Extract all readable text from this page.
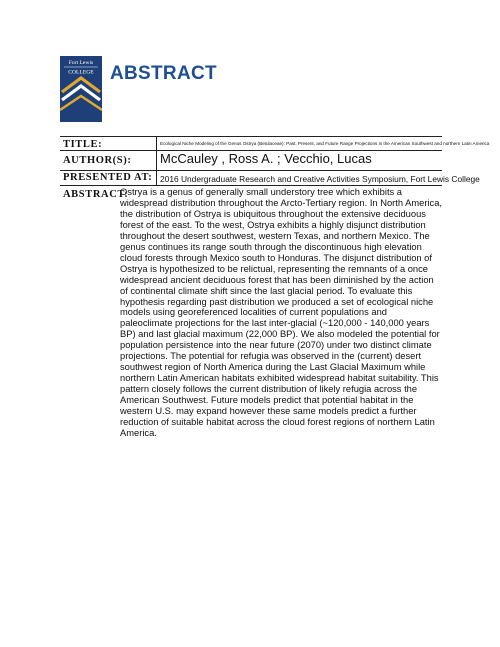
Fort Lewis
COLLEGE ABSTRACT
TITLE:	Ecological Niche Modeling of the Genus Ostrya (Betulaceae): Past, Present, and Future Range Projections in the American Southwest and northern Latin America
AUTHOR(S): McCauley , Ross A. ; Vecchio, Lucas
PRESENTED AT: 2016 Undergraduate Research and Creative Activities Symposium, Fort Lewis College
ABSTRACT:
Ostrya is a genus of generally small understory tree which exhibits a widespread distribution throughout the Arcto-Tertiary region. In North America, the distribution of Ostrya is ubiquitous throughout the extensive deciduous forest of the east. To the west, Ostrya exhibits a highly disjunct distribution throughout the desert southwest, western Texas, and northern Mexico. The genus continues its range south through the discontinuous high elevation cloud forests through Mexico south to Honduras. The disjunct distribution of Ostrya is hypothesized to be relictual, representing the remnants of a once widespread ancient deciduous forest that has been diminished by the action of continental climate shift since the last glacial period. To evaluate this hypothesis regarding past distribution we produced a set of ecological niche models using georeferenced localities of current populations and paleoclimate projections for the last inter-glacial (~120,000 - 140,000 years BP) and last glacial maximum (22,000 BP). We also modeled the potential for population persistence into the near future (2070) under two distinct climate projections. The potential for refugia was observed in the (current) desert southwest region of North America during the Last Glacial Maximum while northern Latin American habitats exhibited widespread habitat suitability. This pattern closely follows the current distribution of likely refugia across the American Southwest. Future models predict that potential habitat in the western U.S. may expand however these same models predict a further reduction of suitable habitat across the cloud forest regions of northern Latin America.
